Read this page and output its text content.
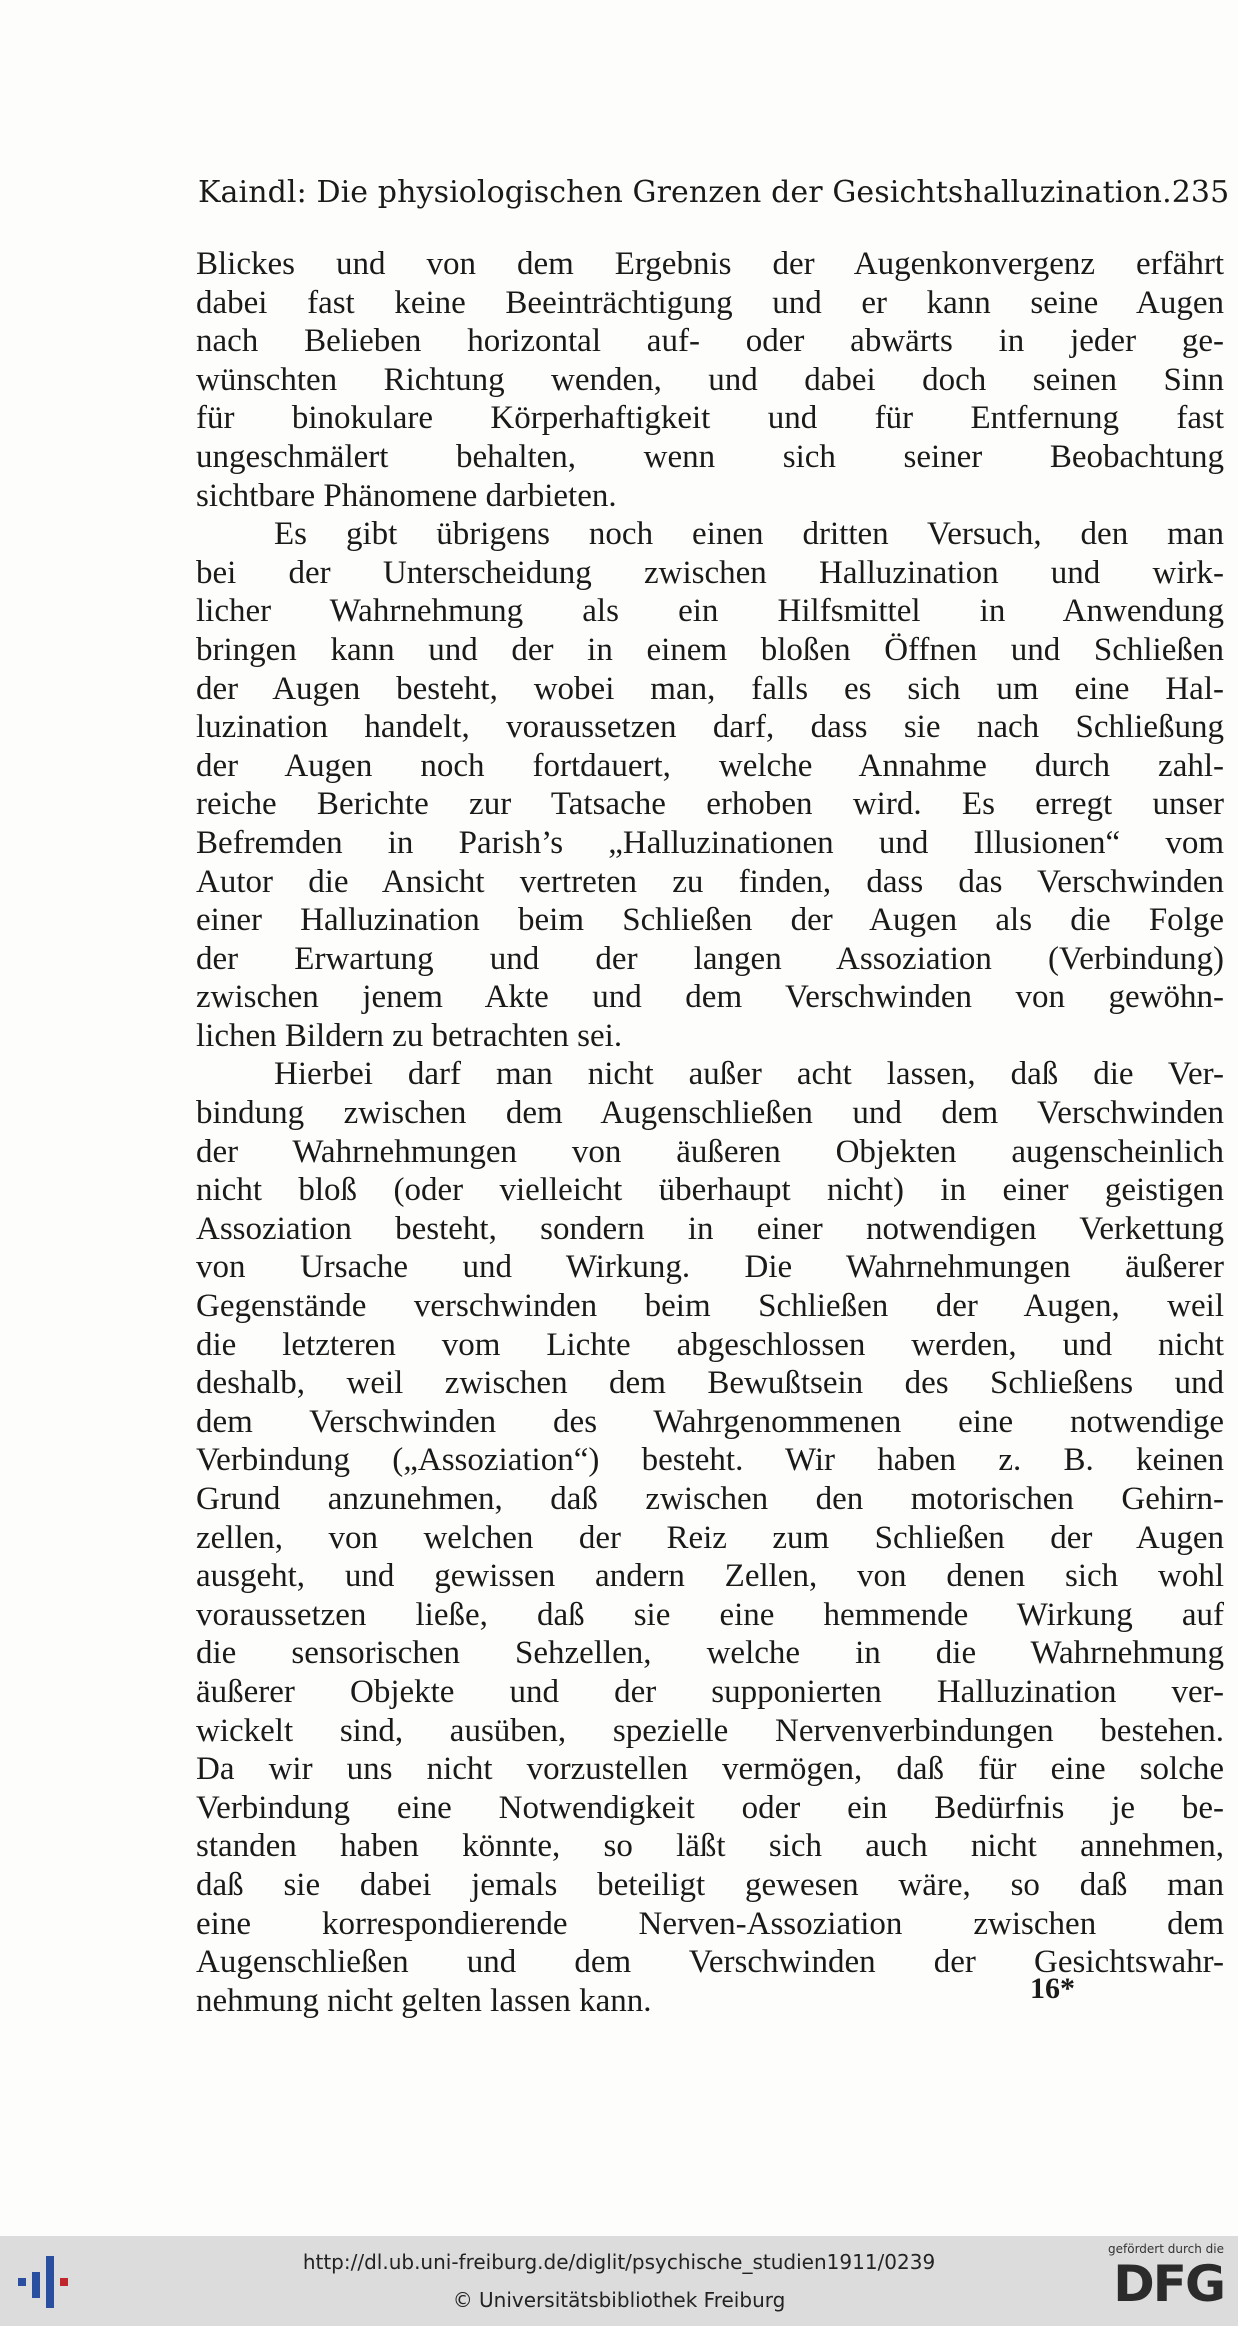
Kaindl: Die physiologischen Grenzen der Gesichtshalluzination. 235
Blickes und von dem Ergebnis der Augenkonvergenz erfährt
dabei fast keine Beeinträchtigung und er kann seine Augen
nach Belieben horizontal auf- oder abwärts in jeder ge-
wünschten Richtung wenden, und dabei doch seinen Sinn
für binokulare Körperhaftigkeit und für Entfernung fast
ungeschmälert behalten, wenn sich seiner Beobachtung
sichtbare Phänomene darbieten.
Es gibt übrigens noch einen dritten Versuch, den man
bei der Unterscheidung zwischen Halluzination und wirk-
licher Wahrnehmung als ein Hilfsmittel in Anwendung
bringen kann und der in einem bloßen Öffnen und Schließen
der Augen besteht, wobei man, falls es sich um eine Hal-
luzination handelt, voraussetzen darf, dass sie nach Schließung
der Augen noch fortdauert, welche Annahme durch zahl-
reiche Berichte zur Tatsache erhoben wird. Es erregt unser
Befremden in Parish’s „Halluzinationen und Illusionen“ vom
Autor die Ansicht vertreten zu finden, dass das Verschwinden
einer Halluzination beim Schließen der Augen als die Folge
der Erwartung und der langen Assoziation (Verbindung)
zwischen jenem Akte und dem Verschwinden von gewöhn-
lichen Bildern zu betrachten sei.
Hierbei darf man nicht außer acht lassen, daß die Ver-
bindung zwischen dem Augenschließen und dem Verschwinden
der Wahrnehmungen von äußeren Objekten augenscheinlich
nicht bloß (oder vielleicht überhaupt nicht) in einer geistigen
Assoziation besteht, sondern in einer notwendigen Verkettung
von Ursache und Wirkung. Die Wahrnehmungen äußerer
Gegenstände verschwinden beim Schließen der Augen, weil
die letzteren vom Lichte abgeschlossen werden, und nicht
deshalb, weil zwischen dem Bewußtsein des Schließens und
dem Verschwinden des Wahrgenommenen eine notwendige
Verbindung („Assoziation“) besteht. Wir haben z. B. keinen
Grund anzunehmen, daß zwischen den motorischen Gehirn-
zellen, von welchen der Reiz zum Schließen der Augen
ausgeht, und gewissen andern Zellen, von denen sich wohl
voraussetzen ließe, daß sie eine hemmende Wirkung auf
die sensorischen Sehzellen, welche in die Wahrnehmung
äußerer Objekte und der supponierten Halluzination ver-
wickelt sind, ausüben, spezielle Nervenverbindungen bestehen.
Da wir uns nicht vorzustellen vermögen, daß für eine solche
Verbindung eine Notwendigkeit oder ein Bedürfnis je be-
standen haben könnte, so läßt sich auch nicht annehmen,
daß sie dabei jemals beteiligt gewesen wäre, so daß man
eine korrespondierende Nerven-Assoziation zwischen dem
Augenschließen und dem Verschwinden der Gesichtswahr-
nehmung nicht gelten lassen kann.	16*
http://dl.ub.uni-freiburg.de/diglit/psychische_studien1911/0239
© Universitätsbibliothek Freiburg
gefördert durch die
DFG
